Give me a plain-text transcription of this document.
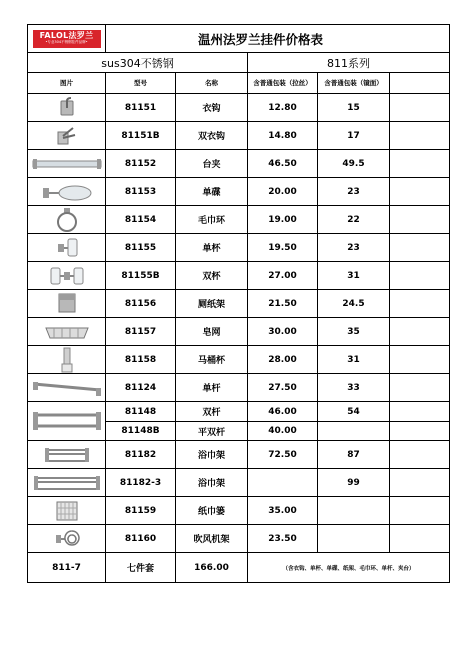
FALOL法罗兰
•专业304不锈钢挂件品牌•	温州法罗兰挂件价格表				
sus304不锈钢			811系列		
图片	型号	名称	含普通包装（拉丝）	含普通包装（镜面）	

	81151	衣钩	12.80	15	

	81151B	双衣钩	14.80	17	

	81152	台夹	46.50	49.5	

	81153	单碟	20.00	23	

	81154	毛巾环	19.00	22	

	81155	单杯	19.50	23	

	81155B	双杯	27.00	31	

	81156	厕纸架	21.50	24.5	

	81157	皂网	30.00	35	

	81158	马桶杯	28.00	31	

	81124	单杆	27.50	33	

	81148	双杆	46.00	54	
	81148B	平双杆	40.00		

	81182	浴巾架	72.50	87	

	81182-3	浴巾架		99	

	81159	纸巾篓	35.00		

	81160	吹风机架	23.50		
811-7	七件套	166.00	（含衣钩、单杯、单碟、纸架、毛巾环、单杆、夹台）		
